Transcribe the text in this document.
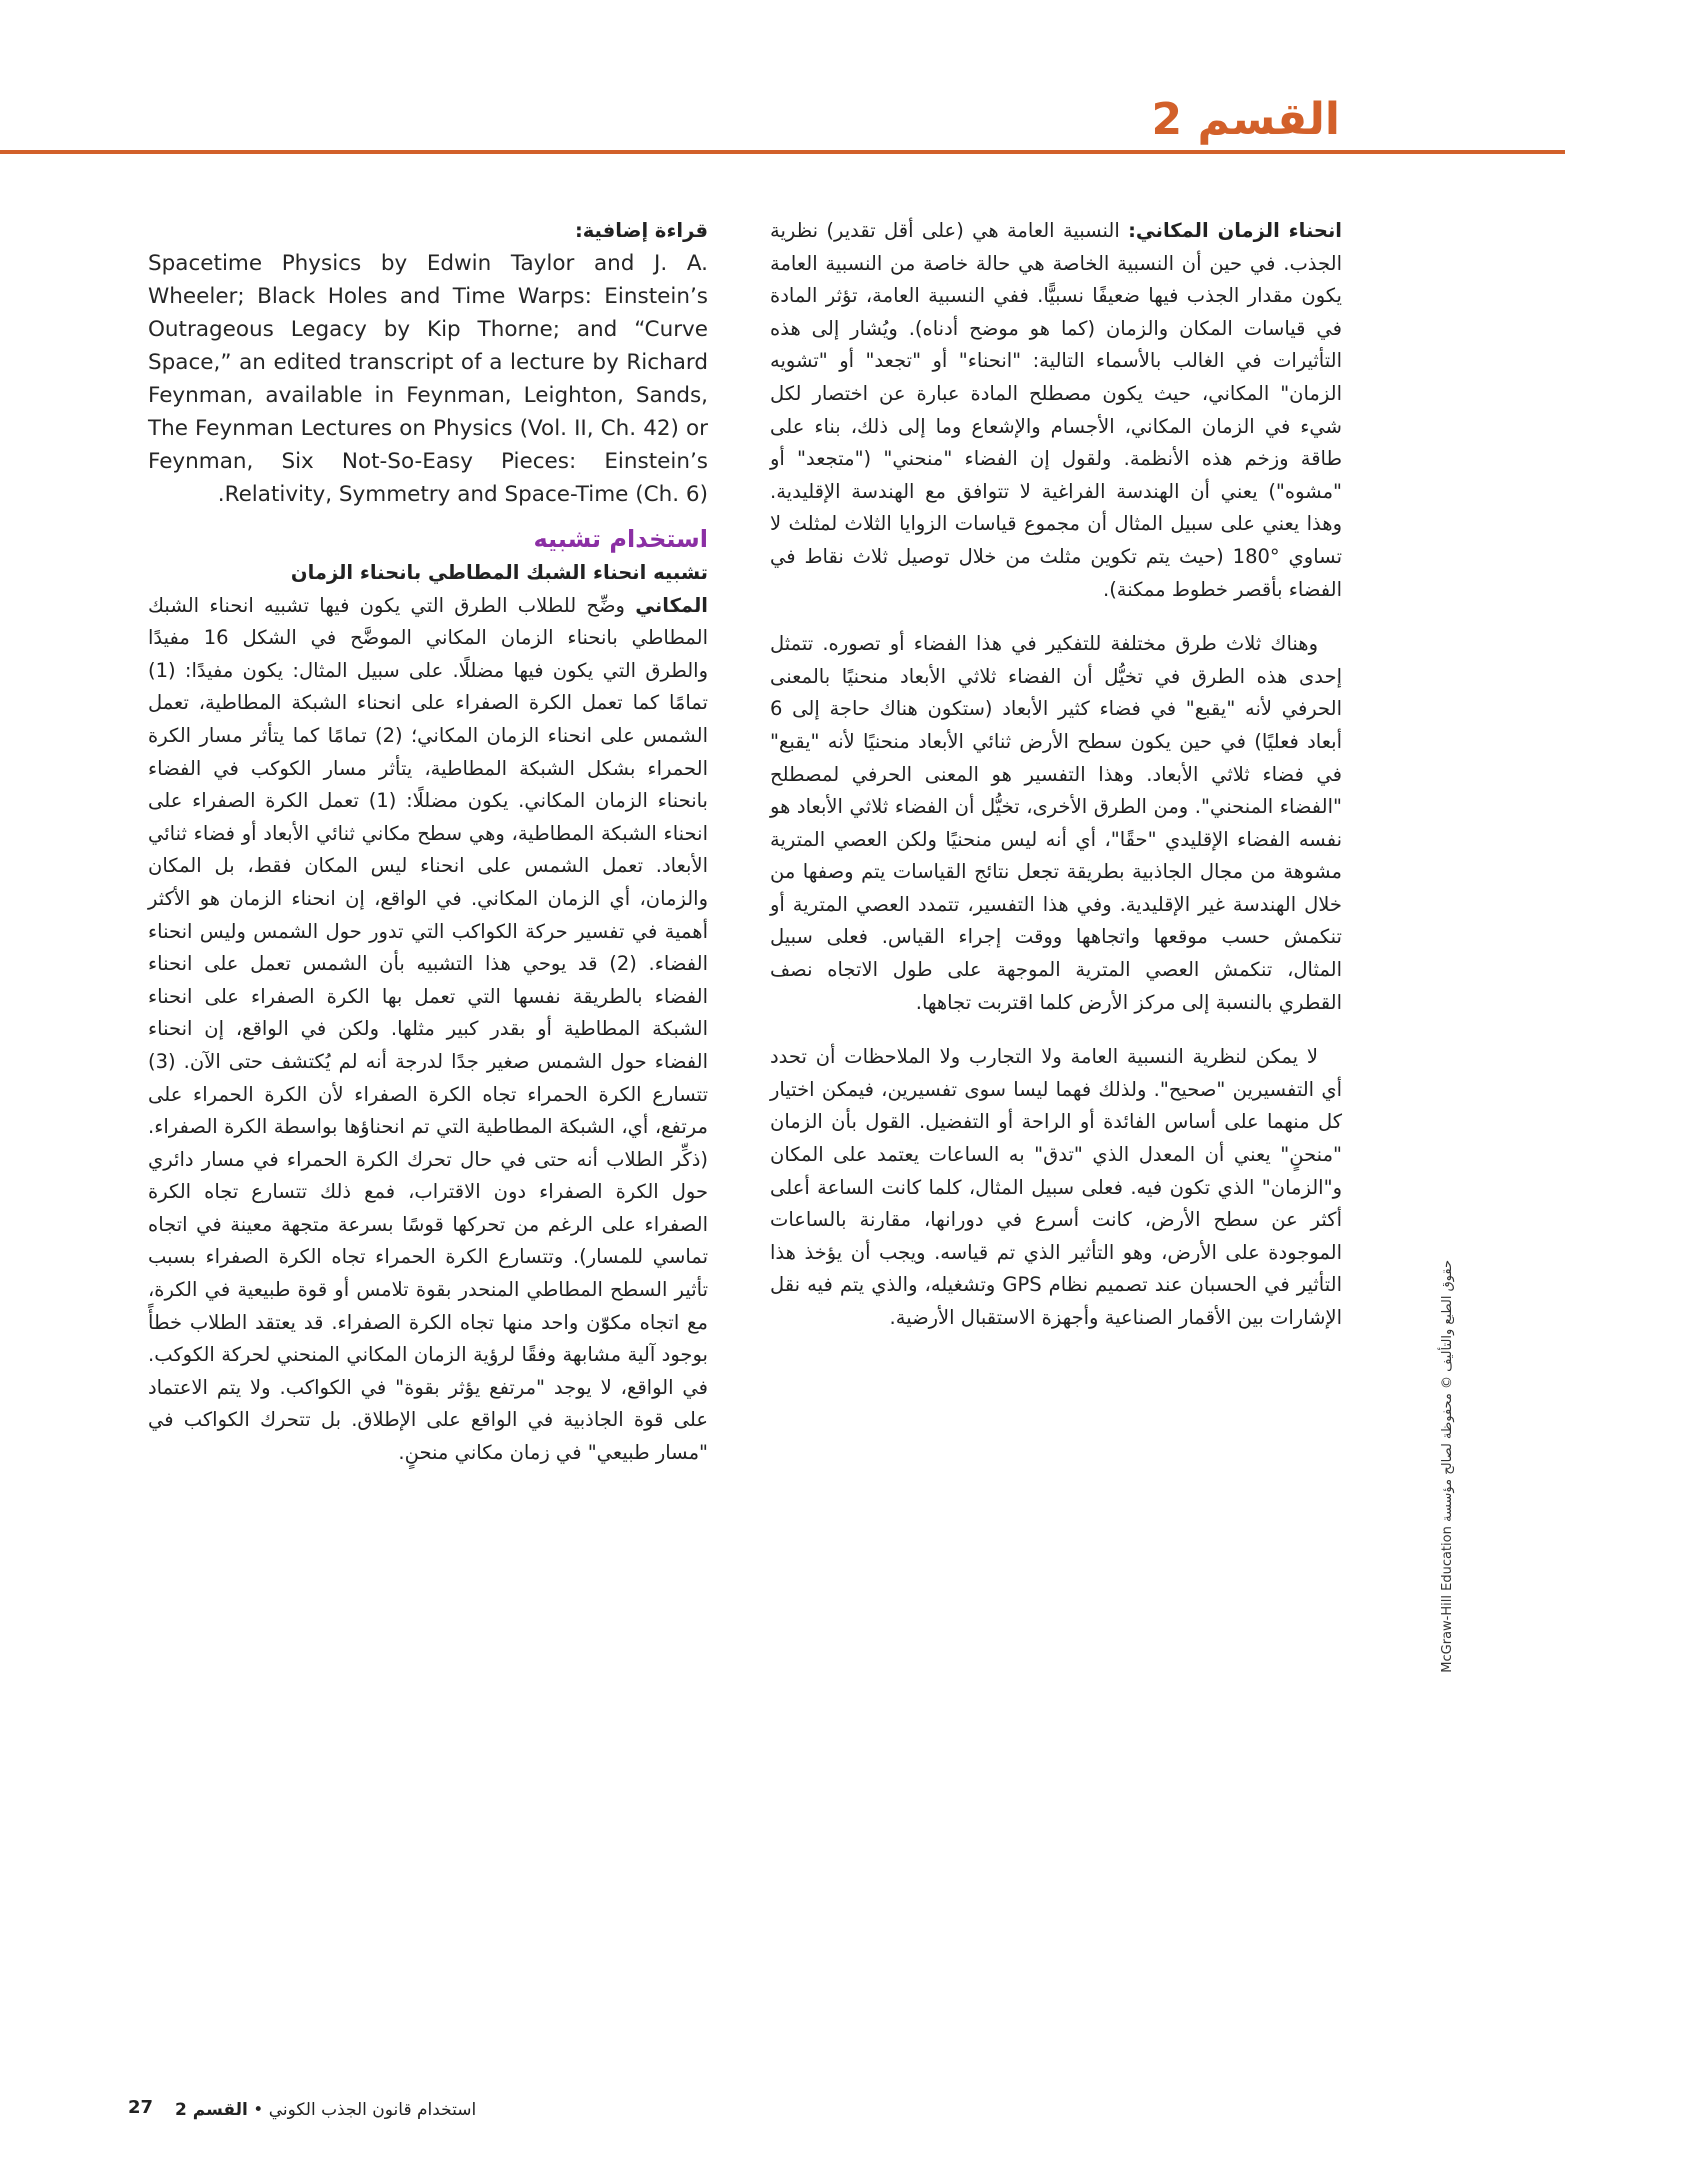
القسم 2

انحناء الزمان المكاني: النسبية العامة هي (على أقل تقدير) نظرية الجذب. في حين أن النسبية الخاصة هي حالة خاصة من النسبية العامة يكون مقدار الجذب فيها ضعيفًا نسبيًّا. ففي النسبية العامة، تؤثر المادة في قياسات المكان والزمان (كما هو موضح أدناه). ويُشار إلى هذه التأثيرات في الغالب بالأسماء التالية: "انحناء" أو "تجعد" أو "تشويه الزمان" المكاني، حيث يكون مصطلح المادة عبارة عن اختصار لكل شيء في الزمان المكاني، الأجسام والإشعاع وما إلى ذلك، بناء على طاقة وزخم هذه الأنظمة. ولقول إن الفضاء "منحني" ("متجعد" أو "مشوه") يعني أن الهندسة الفراغية لا تتوافق مع الهندسة الإقليدية. وهذا يعني على سبيل المثال أن مجموع قياسات الزوايا الثلاث لمثلث لا تساوي °180 (حيث يتم تكوين مثلث من خلال توصيل ثلاث نقاط في الفضاء بأقصر خطوط ممكنة).

وهناك ثلاث طرق مختلفة للتفكير في هذا الفضاء أو تصوره. تتمثل إحدى هذه الطرق في تخيُّل أن الفضاء ثلاثي الأبعاد منحنيًا بالمعنى الحرفي لأنه "يقبع" في فضاء كثير الأبعاد (ستكون هناك حاجة إلى 6 أبعاد فعليًا) في حين يكون سطح الأرض ثنائي الأبعاد منحنيًا لأنه "يقبع" في فضاء ثلاثي الأبعاد. وهذا التفسير هو المعنى الحرفي لمصطلح "الفضاء المنحني". ومن الطرق الأخرى، تخيُّل أن الفضاء ثلاثي الأبعاد هو نفسه الفضاء الإقليدي "حقًا"، أي أنه ليس منحنيًا ولكن العصي المترية مشوهة من مجال الجاذبية بطريقة تجعل نتائج القياسات يتم وصفها من خلال الهندسة غير الإقليدية. وفي هذا التفسير، تتمدد العصي المترية أو تنكمش حسب موقعها واتجاهها ووقت إجراء القياس. فعلى سبيل المثال، تنكمش العصي المترية الموجهة على طول الاتجاه نصف القطري بالنسبة إلى مركز الأرض كلما اقتربت تجاهها.

لا يمكن لنظرية النسبية العامة ولا التجارب ولا الملاحظات أن تحدد أي التفسيرين "صحيح". ولذلك فهما ليسا سوى تفسيرين، فيمكن اختيار كل منهما على أساس الفائدة أو الراحة أو التفضيل. القول بأن الزمان "منحنٍ" يعني أن المعدل الذي "تدق" به الساعات يعتمد على المكان و"الزمان" الذي تكون فيه. فعلى سبيل المثال، كلما كانت الساعة أعلى أكثر عن سطح الأرض، كانت أسرع في دورانها، مقارنة بالساعات الموجودة على الأرض، وهو التأثير الذي تم قياسه. ويجب أن يؤخذ هذا التأثير في الحسبان عند تصميم نظام GPS وتشغيله، والذي يتم فيه نقل الإشارات بين الأقمار الصناعية وأجهزة الاستقبال الأرضية.

قراءة إضافية:

Spacetime Physics by Edwin Taylor and J. A. Wheeler; Black Holes and Time Warps: Einstein’s Outrageous Legacy by Kip Thorne; and “Curve Space,” an edited transcript of a lecture by Richard Feynman, available in Feynman, Leighton, Sands, The Feynman Lectures on Physics (Vol. II, Ch. 42) or Feynman, Six Not-So-Easy Pieces: Einstein’s Relativity, Symmetry and Space-Time (Ch. 6).

استخدام تشبيه

تشبيه انحناء الشبك المطاطي بانحناء الزمان

المكاني وضِّح للطلاب الطرق التي يكون فيها تشبيه انحناء الشبك المطاطي بانحناء الزمان المكاني الموضَّح في الشكل 16 مفيدًا والطرق التي يكون فيها مضللًا. على سبيل المثال: يكون مفيدًا: (1) تمامًا كما تعمل الكرة الصفراء على انحناء الشبكة المطاطية، تعمل الشمس على انحناء الزمان المكاني؛ (2) تمامًا كما يتأثر مسار الكرة الحمراء بشكل الشبكة المطاطية، يتأثر مسار الكوكب في الفضاء بانحناء الزمان المكاني. يكون مضللًا: (1) تعمل الكرة الصفراء على انحناء الشبكة المطاطية، وهي سطح مكاني ثنائي الأبعاد أو فضاء ثنائي الأبعاد. تعمل الشمس على انحناء ليس المكان فقط، بل المكان والزمان، أي الزمان المكاني. في الواقع، إن انحناء الزمان هو الأكثر أهمية في تفسير حركة الكواكب التي تدور حول الشمس وليس انحناء الفضاء. (2) قد يوحي هذا التشبيه بأن الشمس تعمل على انحناء الفضاء بالطريقة نفسها التي تعمل بها الكرة الصفراء على انحناء الشبكة المطاطية أو بقدر كبير مثلها. ولكن في الواقع، إن انحناء الفضاء حول الشمس صغير جدًا لدرجة أنه لم يُكتشف حتى الآن. (3) تتسارع الكرة الحمراء تجاه الكرة الصفراء لأن الكرة الحمراء على مرتفع، أي، الشبكة المطاطية التي تم انحناؤها بواسطة الكرة الصفراء. (ذكِّر الطلاب أنه حتى في حال تحرك الكرة الحمراء في مسار دائري حول الكرة الصفراء دون الاقتراب، فمع ذلك تتسارع تجاه الكرة الصفراء على الرغم من تحركها قوسًا بسرعة متجهة معينة في اتجاه تماسي للمسار). وتتسارع الكرة الحمراء تجاه الكرة الصفراء بسبب تأثير السطح المطاطي المنحدر بقوة تلامس أو قوة طبيعية في الكرة، مع اتجاه مكوّن واحد منها تجاه الكرة الصفراء. قد يعتقد الطلاب خطأً بوجود آلية مشابهة وفقًا لرؤية الزمان المكاني المنحني لحركة الكوكب. في الواقع، لا يوجد "مرتفع يؤثر بقوة" في الكواكب. ولا يتم الاعتماد على قوة الجاذبية في الواقع على الإطلاق. بل تتحرك الكواكب في "مسار طبيعي" في زمان مكاني منحنٍ.

حقوق الطبع والتأليف © محفوظة لصالح مؤسسة McGraw-Hill Education
استخدام قانون الجذب الكوني • القسم 2
27
